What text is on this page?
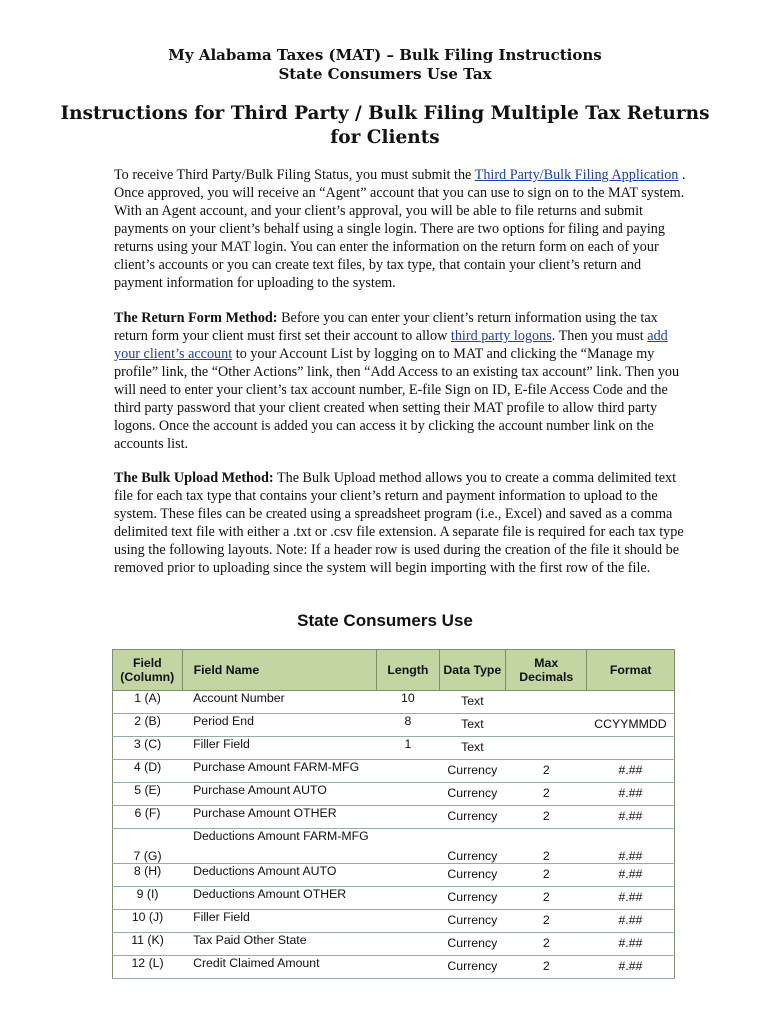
My Alabama Taxes (MAT) – Bulk Filing Instructions
State Consumers Use Tax
Instructions for Third Party / Bulk Filing Multiple Tax Returns
for Clients
To receive Third Party/Bulk Filing Status, you must submit the Third Party/Bulk Filing Application . Once approved, you will receive an “Agent” account that you can use to sign on to the MAT system. With an Agent account, and your client’s approval, you will be able to file returns and submit payments on your client’s behalf using a single login. There are two options for filing and paying returns using your MAT login. You can enter the information on the return form on each of your client’s accounts or you can create text files, by tax type, that contain your client’s return and payment information for uploading to the system.
The Return Form Method: Before you can enter your client’s return information using the tax return form your client must first set their account to allow third party logons. Then you must add your client’s account to your Account List by logging on to MAT and clicking the “Manage my profile” link, the “Other Actions” link, then “Add Access to an existing tax account” link. Then you will need to enter your client’s tax account number, E-file Sign on ID, E-file Access Code and the third party password that your client created when setting their MAT profile to allow third party logons. Once the account is added you can access it by clicking the account number link on the accounts list.
The Bulk Upload Method: The Bulk Upload method allows you to create a comma delimited text file for each tax type that contains your client’s return and payment information to upload to the system. These files can be created using a spreadsheet program (i.e., Excel) and saved as a comma delimited text file with either a .txt or .csv file extension. A separate file is required for each tax type using the following layouts. Note: If a header row is used during the creation of the file it should be removed prior to uploading since the system will begin importing with the first row of the file.
State Consumers Use
Field (Column)	Field Name	Length	Data Type	Max Decimals	Format
1 (A)	Account Number	10	Text		
2 (B)	Period End	8	Text		CCYYMMDD
3 (C)	Filler Field	1	Text		
4 (D)	Purchase Amount FARM-MFG		Currency	2	#.##
5 (E)	Purchase Amount AUTO		Currency	2	#.##
6 (F)	Purchase Amount OTHER		Currency	2	#.##
7 (G)	Deductions Amount FARM-MFG		Currency	2	#.##
8 (H)	Deductions Amount AUTO		Currency	2	#.##
9 (I)	Deductions Amount OTHER		Currency	2	#.##
10 (J)	Filler Field		Currency	2	#.##
11 (K)	Tax Paid Other State		Currency	2	#.##
12 (L)	Credit Claimed Amount		Currency	2	#.##
